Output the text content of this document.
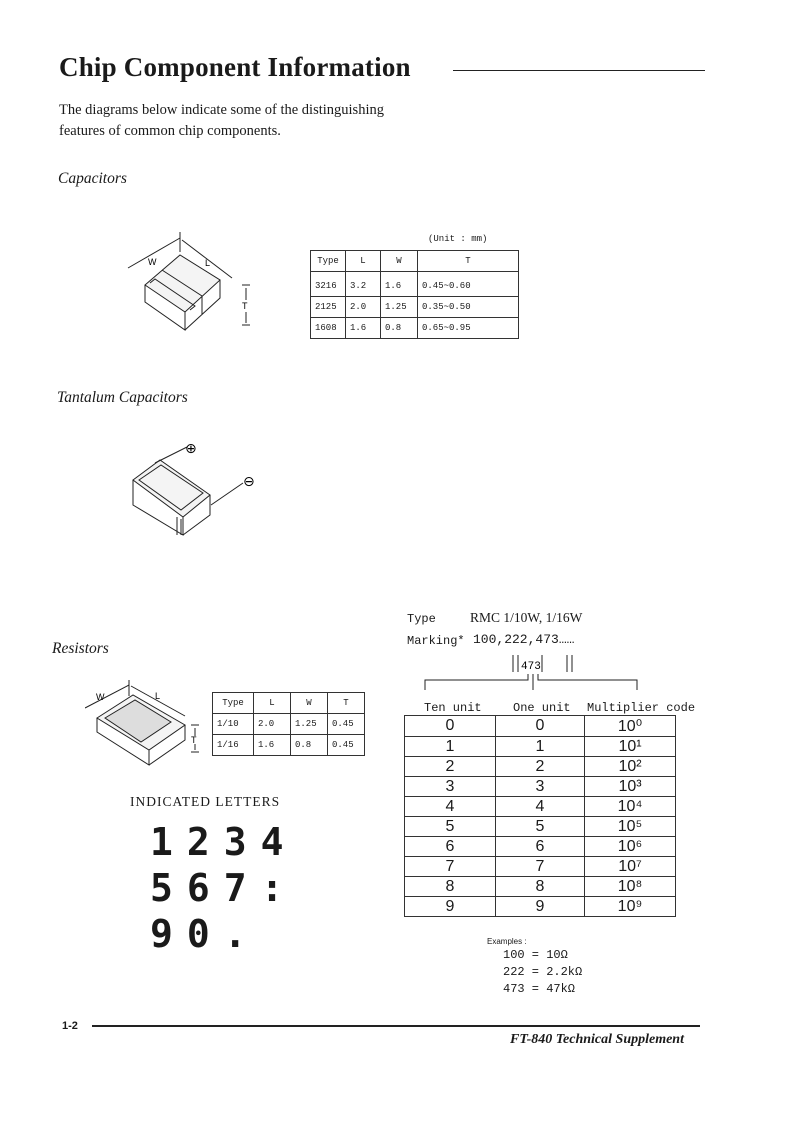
Chip Component Information
The diagrams below indicate some of the distinguishing features of common chip components.
Capacitors
W	L
T
(Unit : mm)
Type	L	W	T
3216	3.2	1.6	0.45~0.60
2125	2.0	1.25	0.35~0.50
1608	1.6	0.8	0.65~0.95
Tantalum Capacitors
⊕
⊖
Resistors
W	L
T
Type	L	W	T
1/10	2.0	1.25	0.45
1/16	1.6	0.8	0.45
INDICATED LETTERS
1234
567:
90.
Type	RMC 1/10W, 1/16W
Marking* 100,222,473……
473
Ten unit	One unit Multiplier code
0	0	10⁰
1	1	10¹
2	2	10²
3	3	10³
4	4	10⁴
5	5	10⁵
6	6	10⁶
7	7	10⁷
8	8	10⁸
9	9	10⁹
Examples :
100 = 10Ω
222 = 2.2kΩ
473 = 47kΩ
1-2
FT-840 Technical Supplement
